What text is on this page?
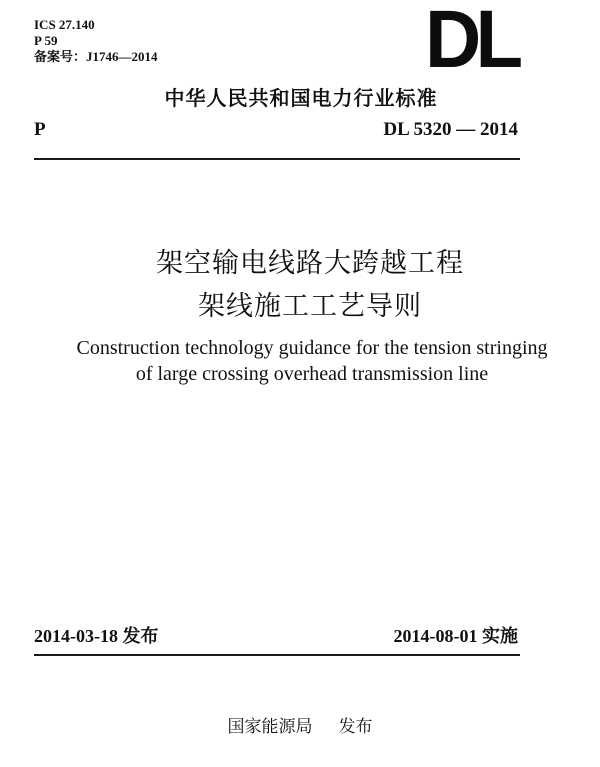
ICS 27.140
P 59
备案号：J1746—2014	DL
中华人民共和国电力行业标准
P	DL 5320 — 2014
架空输电线路大跨越工程
架线施工工艺导则
Construction technology guidance for the tension stringing
of large crossing overhead transmission line
2014-03-18 发布	2014-08-01 实施
国家能源局 发布
